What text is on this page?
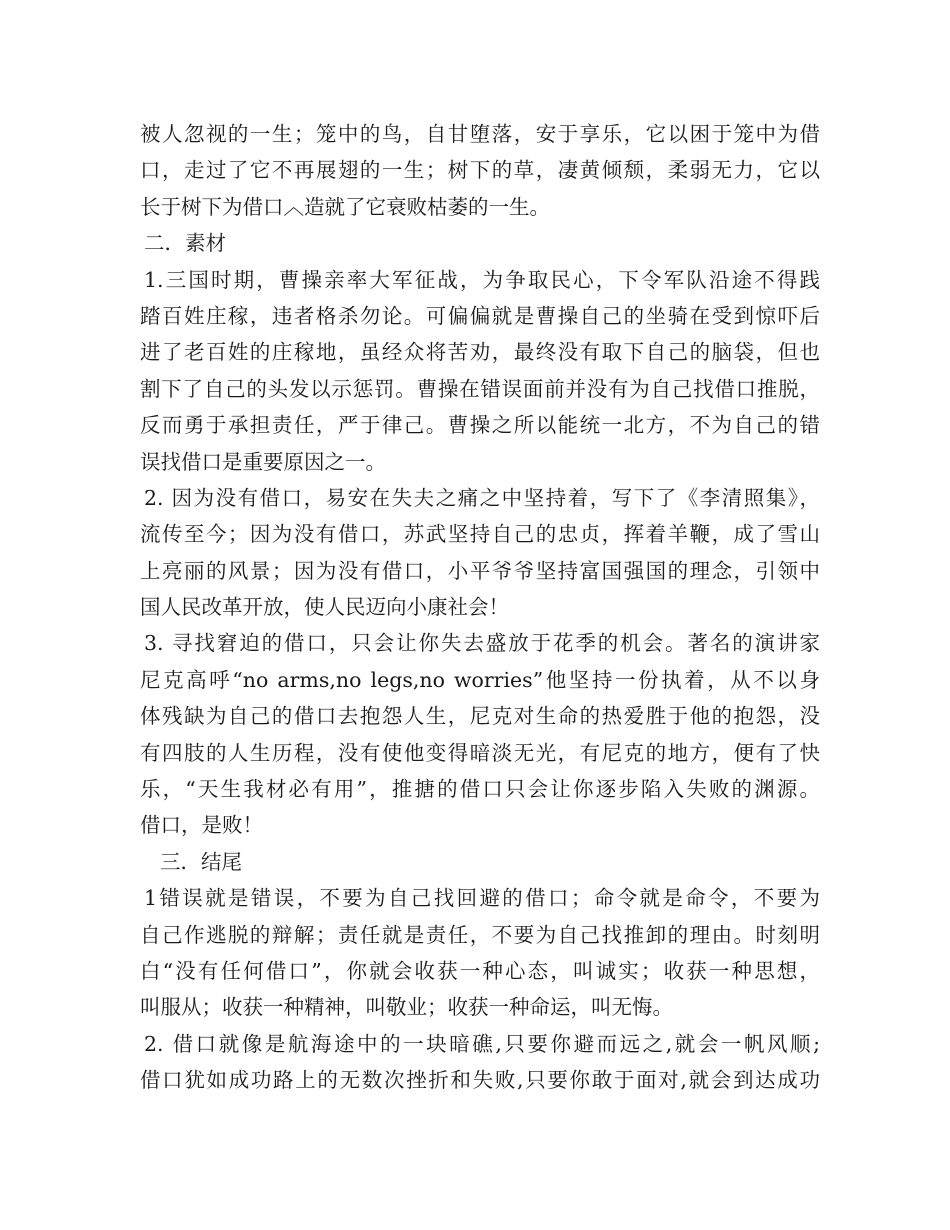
被人忽视的一生；笼中的鸟，自甘堕落，安于享乐，它以困于笼中为借
口，走过了它不再展翅的一生；树下的草，凄黄倾颓，柔弱无力，它以
长于树下为借口︿造就了它衰败枯萎的一生。
二．素材
1.三国时期，曹操亲率大军征战，为争取民心，下令军队沿途不得践
踏百姓庄稼，违者格杀勿论。可偏偏就是曹操自己的坐骑在受到惊吓后
进了老百姓的庄稼地，虽经众将苦劝，最终没有取下自己的脑袋，但也
割下了自己的头发以示惩罚。曹操在错误面前并没有为自己找借口推脱，
反而勇于承担责任，严于律己。曹操之所以能统一北方，不为自己的错
误找借口是重要原因之一。
2. 因为没有借口，易安在失夫之痛之中坚持着，写下了《李清照集》，
流传至今；因为没有借口，苏武坚持自己的忠贞，挥着羊鞭，成了雪山
上亮丽的风景；因为没有借口，小平爷爷坚持富国强国的理念，引领中
国人民改革开放，使人民迈向小康社会！
3. 寻找窘迫的借口，只会让你失去盛放于花季的机会。著名的演讲家
尼克高呼“no arms,no legs,no worries”他坚持一份执着，从不以身
体残缺为自己的借口去抱怨人生，尼克对生命的热爱胜于他的抱怨，没
有四肢的人生历程，没有使他变得暗淡无光，有尼克的地方，便有了快
乐，“天生我材必有用”，推搪的借口只会让你逐步陷入失败的渊源。
借口，是败！
三．结尾
1错误就是错误，不要为自己找回避的借口；命令就是命令，不要为
自己作逃脱的辩解；责任就是责任，不要为自己找推卸的理由。时刻明
白“没有任何借口”，你就会收获一种心态，叫诚实；收获一种思想，
叫服从；收获一种精神，叫敬业；收获一种命运，叫无悔。
2. 借口就像是航海途中的一块暗礁,只要你避而远之,就会一帆风顺;
借口犹如成功路上的无数次挫折和失败,只要你敢于面对,就会到达成功
